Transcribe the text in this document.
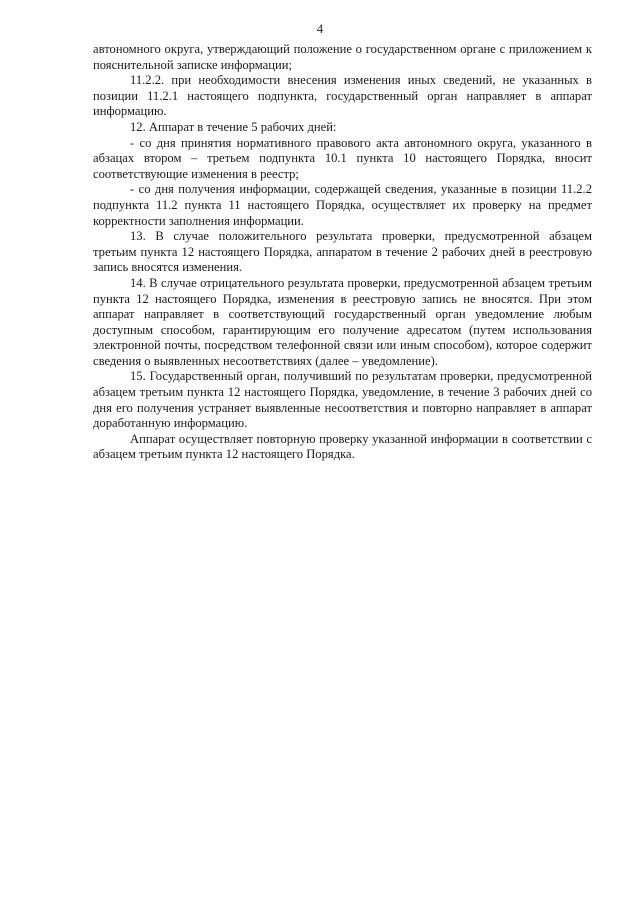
4

автономного округа, утверждающий положение о государственном органе с приложением к пояснительной записке информации;

11.2.2. при необходимости внесения изменения иных сведений, не указанных в позиции 11.2.1 настоящего подпункта, государственный орган направляет в аппарат информацию.

12. Аппарат в течение 5 рабочих дней:

- со дня принятия нормативного правового акта автономного округа, указанного в абзацах втором – третьем подпункта 10.1 пункта 10 настоящего Порядка, вносит соответствующие изменения в реестр;

- со дня получения информации, содержащей сведения, указанные в позиции 11.2.2 подпункта 11.2 пункта 11 настоящего Порядка, осуществляет их проверку на предмет корректности заполнения информации.

13. В случае положительного результата проверки, предусмотренной абзацем третьим пункта 12 настоящего Порядка, аппаратом в течение 2 рабочих дней в реестровую запись вносятся изменения.

14. В случае отрицательного результата проверки, предусмотренной абзацем третьим пункта 12 настоящего Порядка, изменения в реестровую запись не вносятся. При этом аппарат направляет в соответствующий государственный орган уведомление любым доступным способом, гарантирующим его получение адресатом (путем использования электронной почты, посредством телефонной связи или иным способом), которое содержит сведения о выявленных несоответствиях (далее – уведомление).

15. Государственный орган, получивший по результатам проверки, предусмотренной абзацем третьим пункта 12 настоящего Порядка, уведомление, в течение 3 рабочих дней со дня его получения устраняет выявленные несоответствия и повторно направляет в аппарат доработанную информацию.

Аппарат осуществляет повторную проверку указанной информации в соответствии с абзацем третьим пункта 12 настоящего Порядка.
